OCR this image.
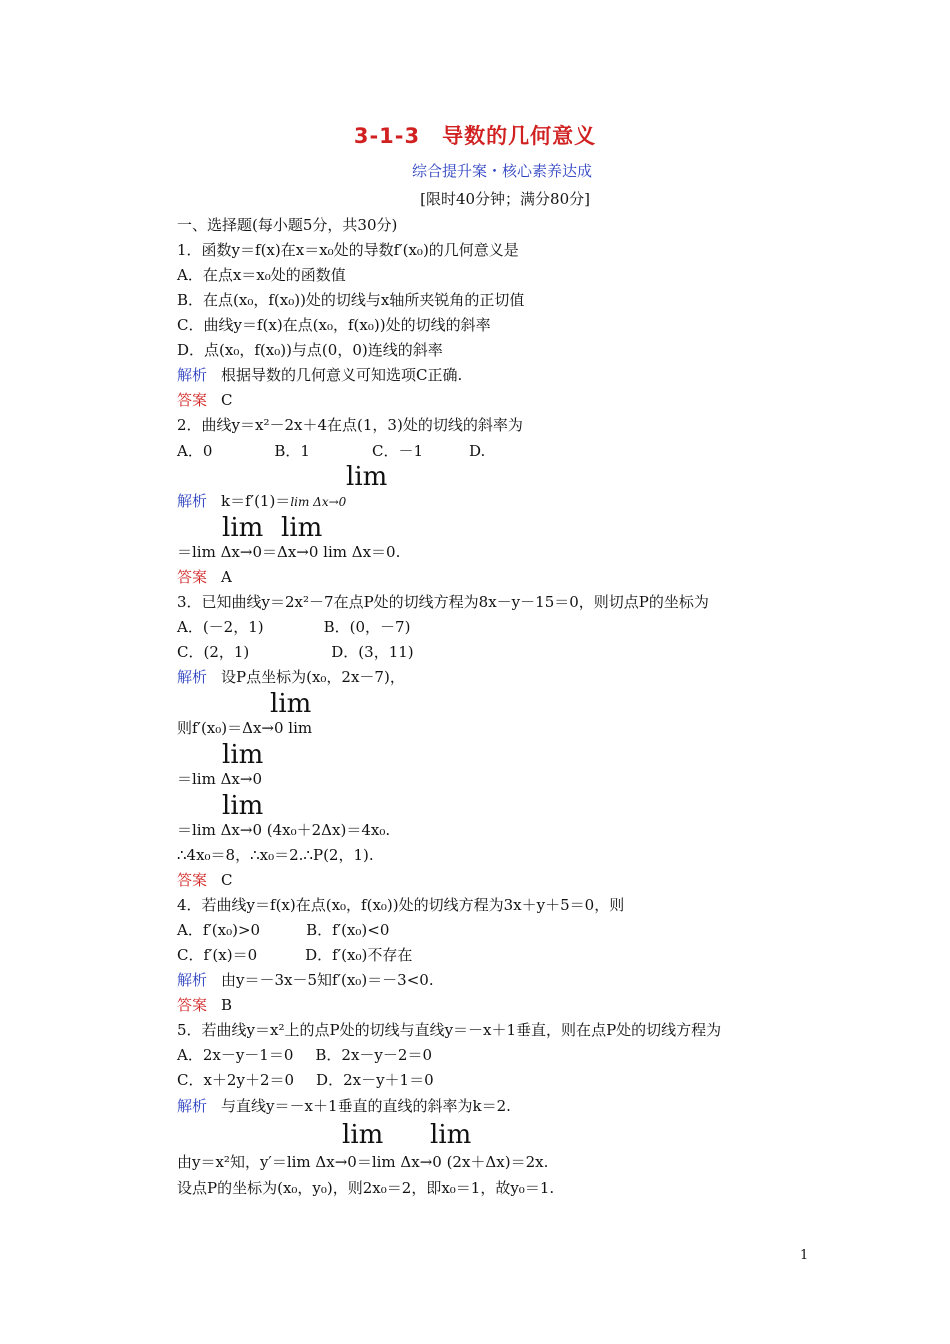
3-1-3　导数的几何意义
综合提升案・核心素养达成
[限时40分钟；满分80分]
一、选择题(每小题5分，共30分)
1．函数y＝f(x)在x＝x₀处的导数f′(x₀)的几何意义是
A．在点x＝x₀处的函数值
B．在点(x₀，f(x₀))处的切线与x轴所夹锐角的正切值
C．曲线y＝f(x)在点(x₀，f(x₀))处的切线的斜率
D．点(x₀，f(x₀))与点(0，0)连线的斜率
解析 根据导数的几何意义可知选项C正确.
答案 C
2．曲线y＝x²－2x＋4在点(1，3)处的切线的斜率为
A．0	B．1	C．－1	D.
lim
解析 k＝f′(1)＝lim Δx→0
lim lim
＝lim Δx→0＝Δx→0 lim Δx＝0.
答案 A
3．已知曲线y＝2x²－7在点P处的切线方程为8x－y－15＝0，则切点P的坐标为
A．(－2，1)	B．(0，－7)
C．(2，1)	D．(3，11)
解析 设P点坐标为(x₀，2x－7)，
lim
则f′(x₀)＝Δx→0 lim
lim
＝lim Δx→0
lim
＝lim Δx→0 (4x₀＋2Δx)＝4x₀.
∴4x₀＝8，∴x₀＝2.∴P(2，1).
答案 C
4．若曲线y＝f(x)在点(x₀，f(x₀))处的切线方程为3x＋y＋5＝0，则
A．f′(x₀)>0	B．f′(x₀)<0
C．f′(x)＝0	D．f′(x₀)不存在
解析 由y＝－3x－5知f′(x₀)＝－3<0.
答案 B
5．若曲线y＝x²上的点P处的切线与直线y＝－x＋1垂直，则在点P处的切线方程为
A．2x－y－1＝0 B．2x－y－2＝0
C．x＋2y＋2＝0 D．2x－y＋1＝0
解析 与直线y＝－x＋1垂直的直线的斜率为k＝2.
lim lim
由y＝x²知，y′＝lim Δx→0＝lim Δx→0 (2x＋Δx)＝2x.
设点P的坐标为(x₀，y₀)，则2x₀＝2，即x₀＝1，故y₀＝1.
1
